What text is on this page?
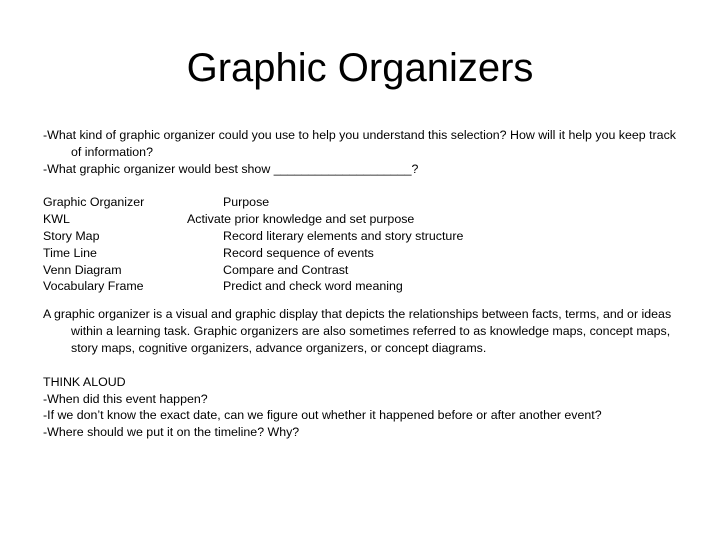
Graphic Organizers

-What kind of graphic organizer could you use to help you understand this selection? How will it help you keep track of information?

-What graphic organizer would best show ____________________?

Graphic Organizer
KWL
Story Map
Time Line
Venn Diagram
Vocabulary Frame
Purpose
Activate prior knowledge and set purpose
Record literary elements and story structure
Record sequence of events
Compare and Contrast
Predict and check word meaning

A graphic organizer is a visual and graphic display that depicts the relationships between facts, terms, and or ideas within a learning task. Graphic organizers are also sometimes referred to as knowledge maps, concept maps, story maps, cognitive organizers, advance organizers, or concept diagrams.

THINK ALOUD
-When did this event happen?
-If we don’t know the exact date, can we figure out whether it happened before or after another event?
-Where should we put it on the timeline? Why?
